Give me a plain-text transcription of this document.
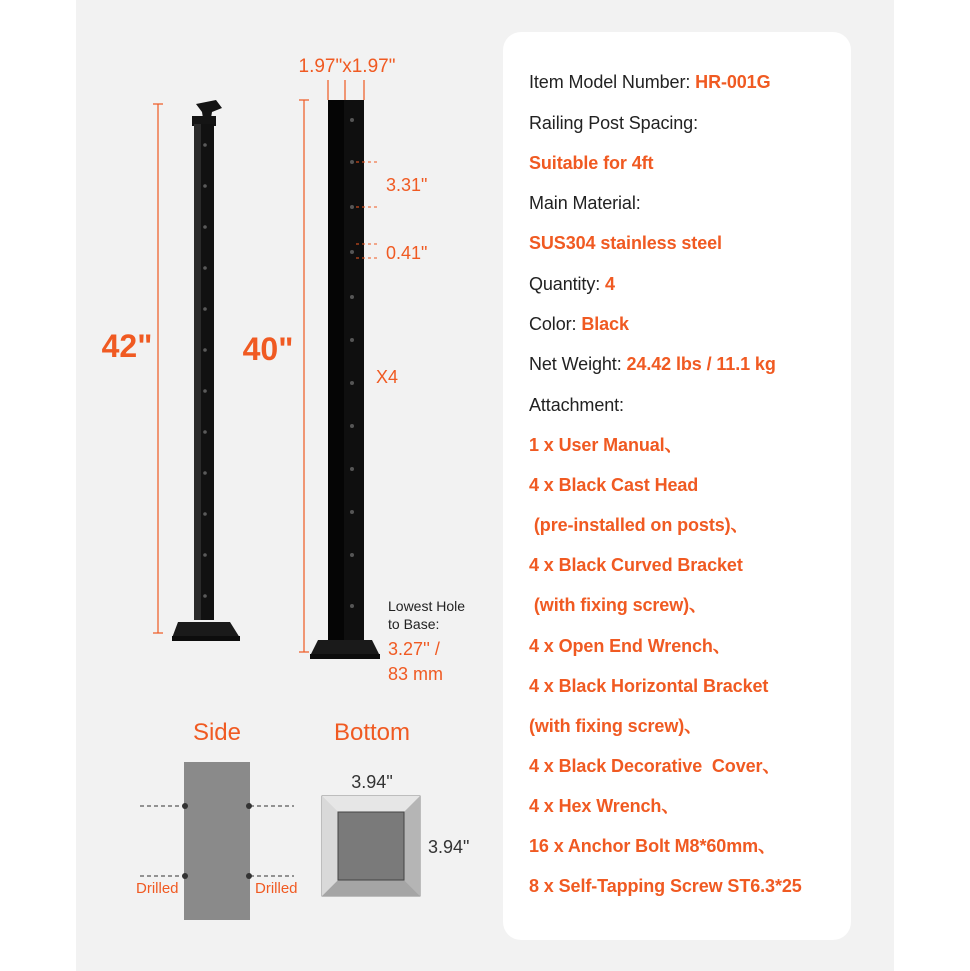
42"	40"
1.97"x1.97"
3.31"
0.41"
X4
Lowest Hole
to Base:
3.27'' /
83 mm
Side
Drilled	Drilled
Bottom
3.94"
3.94"
Item Model Number: HR-001G
Railing Post Spacing:
Suitable for 4ft
Main Material:
SUS304 stainless steel
Quantity: 4
Color: Black
Net Weight: 24.42 lbs / 11.1 kg
Attachment:
1 x User Manual、
4 x Black Cast Head
(pre-installed on posts)、
4 x Black Curved Bracket
(with fixing screw)、
4 x Open End Wrench、
4 x Black Horizontal Bracket
(with fixing screw)、
4 x Black Decorative  Cover、
4 x Hex Wrench、
16 x Anchor Bolt M8*60mm、
8 x Self-Tapping Screw ST6.3*25
